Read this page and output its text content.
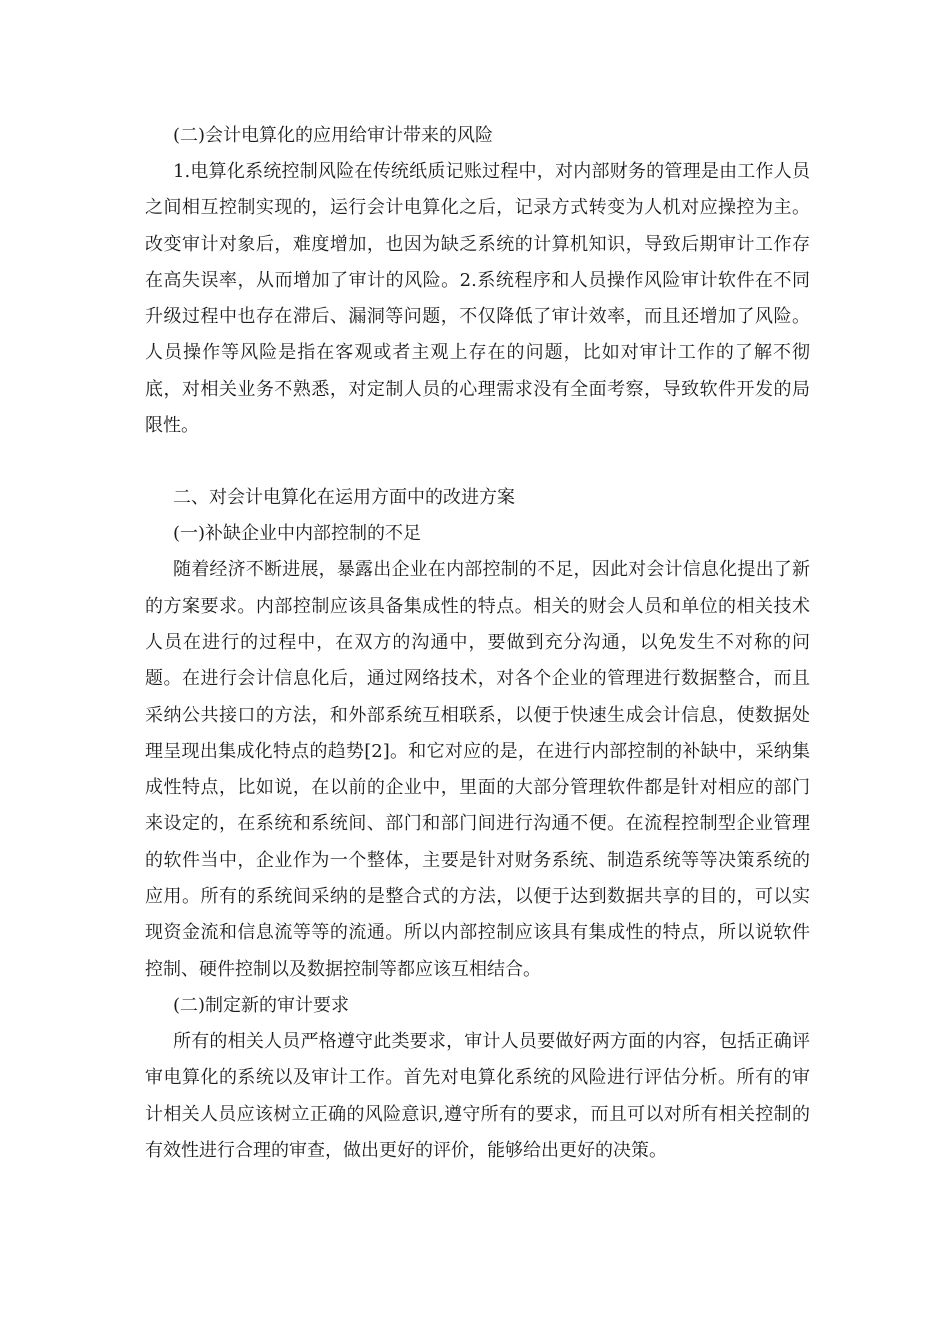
(二)会计电算化的应用给审计带来的风险

1.电算化系统控制风险在传统纸质记账过程中，对内部财务的管理是由工作人员之间相互控制实现的，运行会计电算化之后，记录方式转变为人机对应操控为主。改变审计对象后，难度增加，也因为缺乏系统的计算机知识，导致后期审计工作存在高失误率，从而增加了审计的风险。2.系统程序和人员操作风险审计软件在不同升级过程中也存在滞后、漏洞等问题，不仅降低了审计效率，而且还增加了风险。人员操作等风险是指在客观或者主观上存在的问题，比如对审计工作的了解不彻底，对相关业务不熟悉，对定制人员的心理需求没有全面考察，导致软件开发的局限性。

二、对会计电算化在运用方面中的改进方案

(一)补缺企业中内部控制的不足

随着经济不断进展，暴露出企业在内部控制的不足，因此对会计信息化提出了新的方案要求。内部控制应该具备集成性的特点。相关的财会人员和单位的相关技术人员在进行的过程中，在双方的沟通中，要做到充分沟通，以免发生不对称的问题。在进行会计信息化后，通过网络技术，对各个企业的管理进行数据整合，而且采纳公共接口的方法，和外部系统互相联系，以便于快速生成会计信息，使数据处理呈现出集成化特点的趋势[2]。和它对应的是，在进行内部控制的补缺中，采纳集成性特点，比如说，在以前的企业中，里面的大部分管理软件都是针对相应的部门来设定的，在系统和系统间、部门和部门间进行沟通不便。在流程控制型企业管理的软件当中，企业作为一个整体，主要是针对财务系统、制造系统等等决策系统的应用。所有的系统间采纳的是整合式的方法，以便于达到数据共享的目的，可以实现资金流和信息流等等的流通。所以内部控制应该具有集成性的特点，所以说软件控制、硬件控制以及数据控制等都应该互相结合。

(二)制定新的审计要求

所有的相关人员严格遵守此类要求，审计人员要做好两方面的内容，包括正确评审电算化的系统以及审计工作。首先对电算化系统的风险进行评估分析。所有的审计相关人员应该树立正确的风险意识,遵守所有的要求，而且可以对所有相关控制的有效性进行合理的审查，做出更好的评价，能够给出更好的决策。
